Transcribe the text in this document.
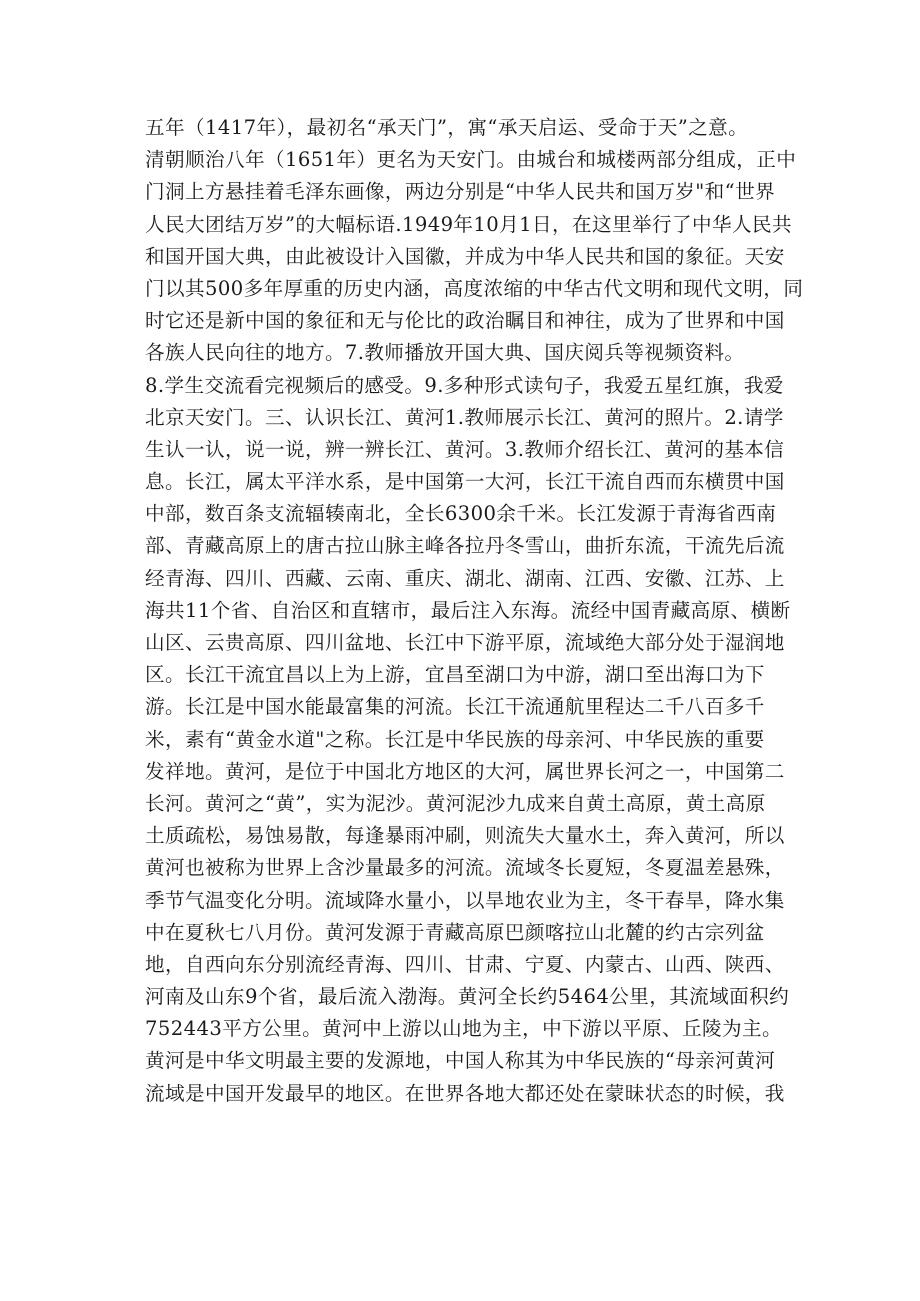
五年（1417年），最初名“承天门”，寓“承天启运、受命于天”之意。
清朝顺治八年（1651年）更名为天安门。由城台和城楼两部分组成，正中
门洞上方悬挂着毛泽东画像，两边分别是“中华人民共和国万岁"和“世界
人民大团结万岁”的大幅标语.1949年10月1日，在这里举行了中华人民共
和国开国大典，由此被设计入国徽，并成为中华人民共和国的象征。天安
门以其500多年厚重的历史内涵，高度浓缩的中华古代文明和现代文明，同
时它还是新中国的象征和无与伦比的政治瞩目和神往，成为了世界和中国
各族人民向往的地方。7.教师播放开国大典、国庆阅兵等视频资料。
8.学生交流看完视频后的感受。9.多种形式读句子，我爱五星红旗，我爱
北京天安门。三、认识长江、黄河1.教师展示长江、黄河的照片。2.请学
生认一认，说一说，辨一辨长江、黄河。3.教师介绍长江、黄河的基本信
息。长江，属太平洋水系，是中国第一大河，长江干流自西而东横贯中国
中部，数百条支流辐辏南北，全长6300余千米。长江发源于青海省西南
部、青藏高原上的唐古拉山脉主峰各拉丹冬雪山，曲折东流，干流先后流
经青海、四川、西藏、云南、重庆、湖北、湖南、江西、安徽、江苏、上
海共11个省、自治区和直辖市，最后注入东海。流经中国青藏高原、横断
山区、云贵高原、四川盆地、长江中下游平原，流域绝大部分处于湿润地
区。长江干流宜昌以上为上游，宜昌至湖口为中游，湖口至出海口为下
游。长江是中国水能最富集的河流。长江干流通航里程达二千八百多千
米，素有“黄金水道"之称。长江是中华民族的母亲河、中华民族的重要
发祥地。黄河，是位于中国北方地区的大河，属世界长河之一，中国第二
长河。黄河之“黄”，实为泥沙。黄河泥沙九成来自黄土高原，黄土高原
土质疏松，易蚀易散，每逢暴雨冲刷，则流失大量水土，奔入黄河，所以
黄河也被称为世界上含沙量最多的河流。流域冬长夏短，冬夏温差悬殊，
季节气温变化分明。流域降水量小，以旱地农业为主，冬干春旱，降水集
中在夏秋七八月份。黄河发源于青藏高原巴颜喀拉山北麓的约古宗列盆
地，自西向东分别流经青海、四川、甘肃、宁夏、内蒙古、山西、陕西、
河南及山东9个省，最后流入渤海。黄河全长约5464公里，其流域面积约
752443平方公里。黄河中上游以山地为主，中下游以平原、丘陵为主。
黄河是中华文明最主要的发源地，中国人称其为中华民族的“母亲河黄河
流域是中国开发最早的地区。在世界各地大都还处在蒙昧状态的时候，我
